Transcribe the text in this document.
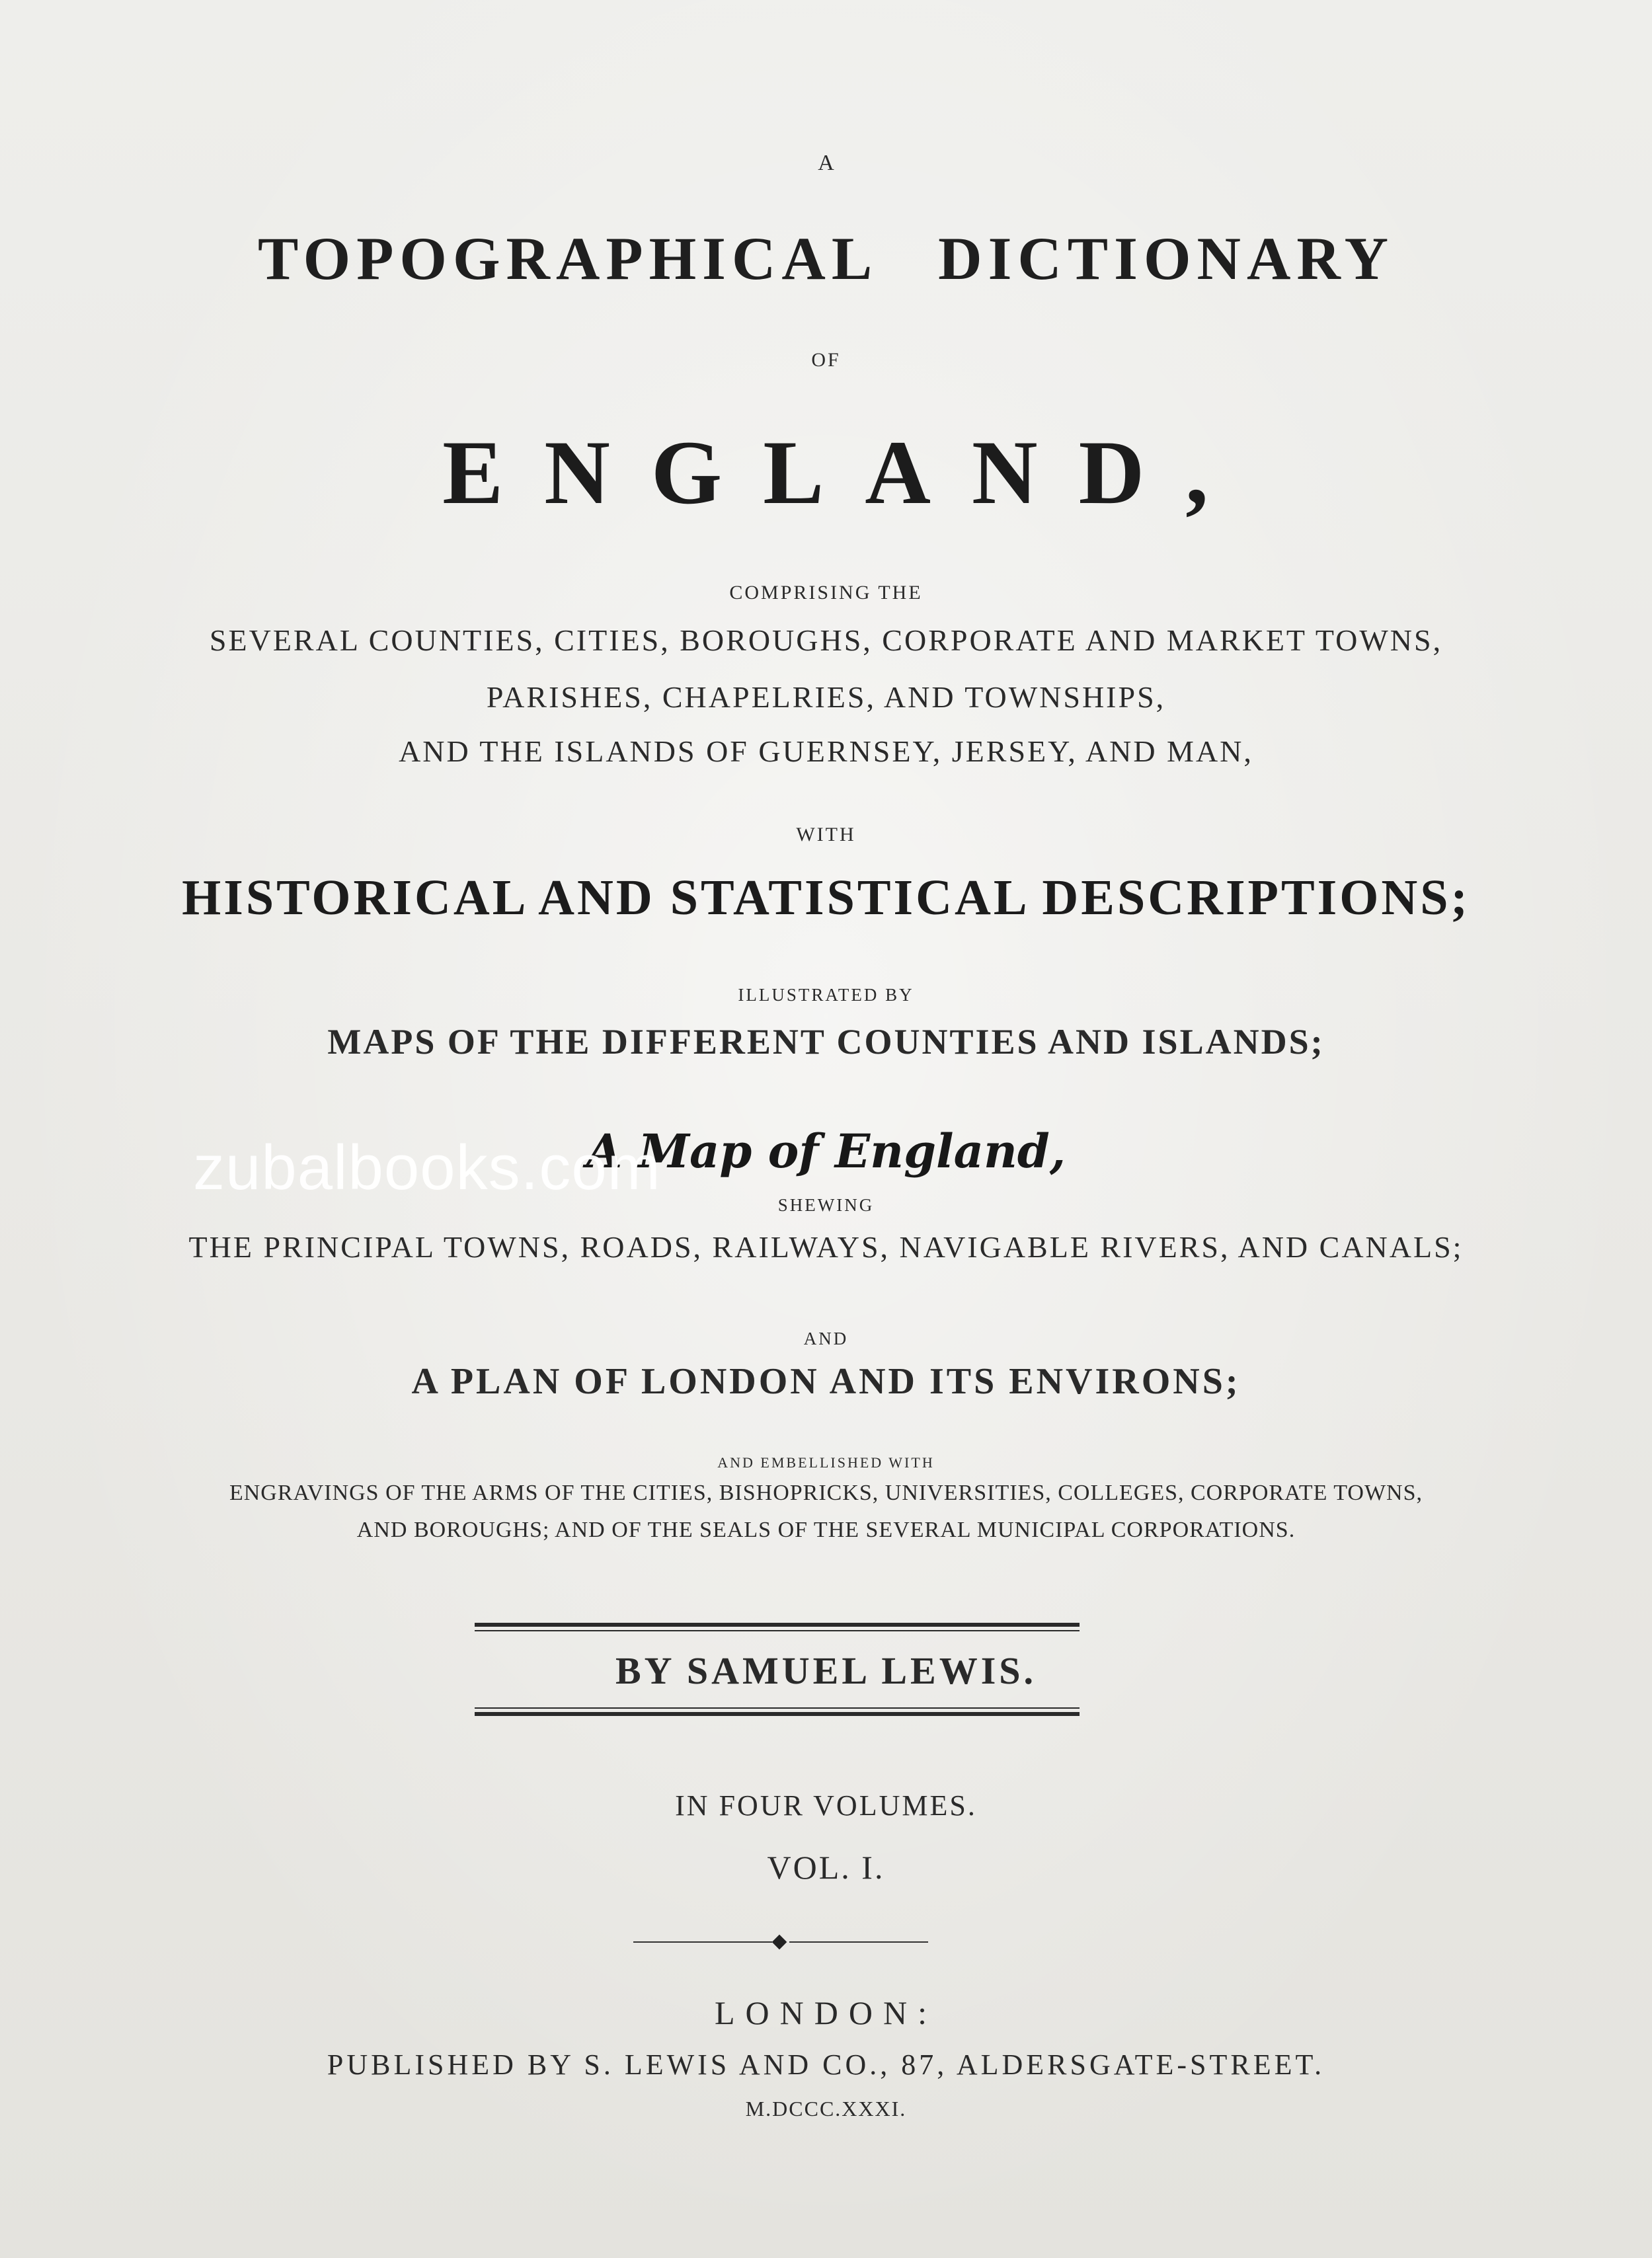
A
TOPOGRAPHICAL   DICTIONARY
OF
ENGLAND,
COMPRISING THE
SEVERAL COUNTIES, CITIES, BOROUGHS, CORPORATE AND MARKET TOWNS,
PARISHES, CHAPELRIES, AND TOWNSHIPS,
AND THE ISLANDS OF GUERNSEY, JERSEY, AND MAN,
WITH
HISTORICAL AND STATISTICAL DESCRIPTIONS;
ILLUSTRATED BY
MAPS OF THE DIFFERENT COUNTIES AND ISLANDS;
A Map of England,
SHEWING
THE PRINCIPAL TOWNS, ROADS, RAILWAYS, NAVIGABLE RIVERS, AND CANALS;
AND
A PLAN OF LONDON AND ITS ENVIRONS;
AND EMBELLISHED WITH
ENGRAVINGS OF THE ARMS OF THE CITIES, BISHOPRICKS, UNIVERSITIES, COLLEGES, CORPORATE TOWNS,
AND BOROUGHS; AND OF THE SEALS OF THE SEVERAL MUNICIPAL CORPORATIONS.
BY SAMUEL LEWIS.
IN FOUR VOLUMES.
VOL. I.
LONDON:
PUBLISHED BY S. LEWIS AND CO., 87, ALDERSGATE-STREET.
M.DCCC.XXXI.
zubalbooks.com
